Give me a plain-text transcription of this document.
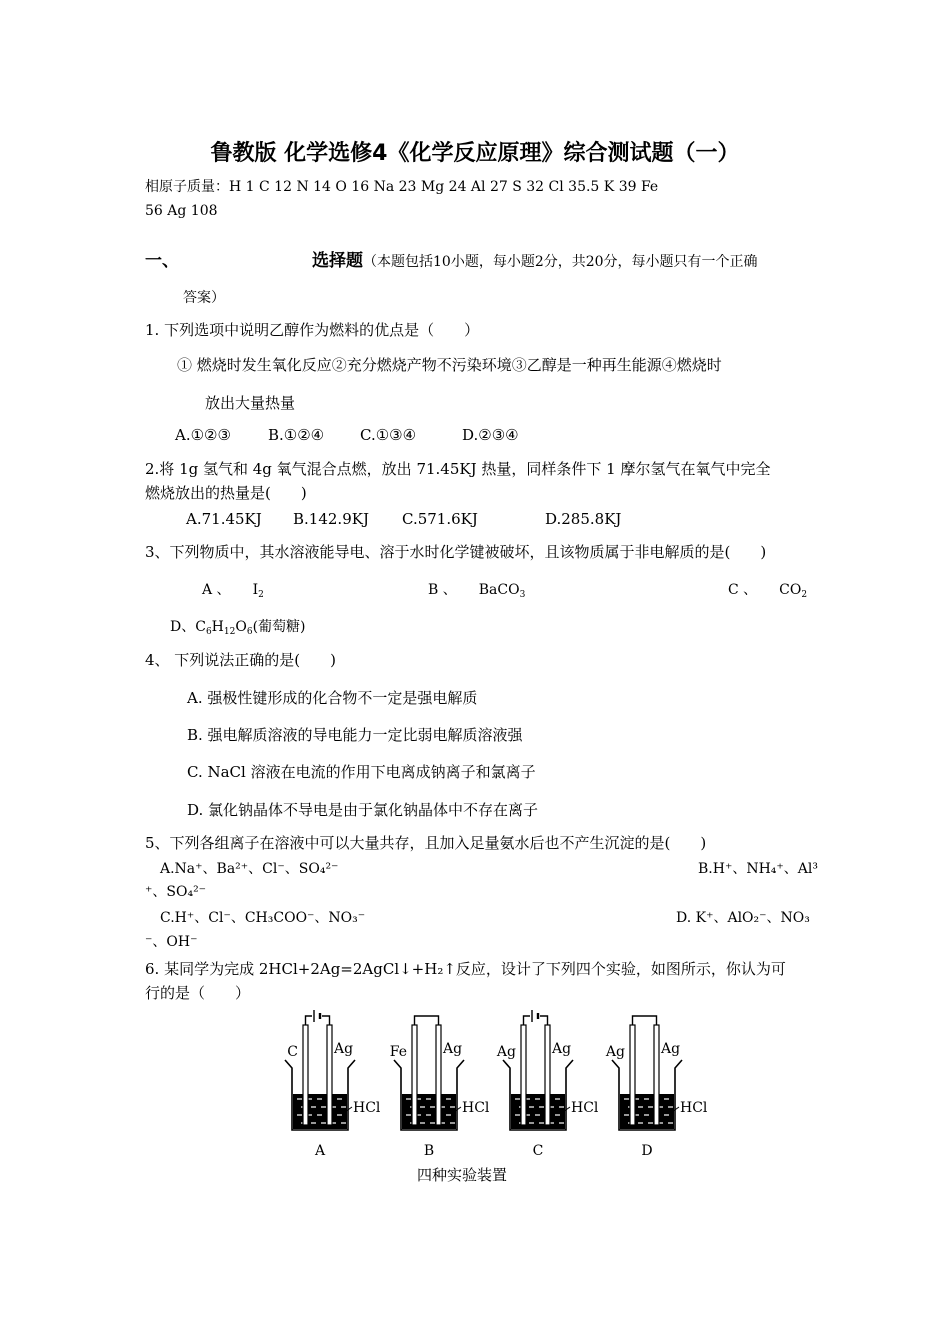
鲁教版 化学选修4《化学反应原理》综合测试题（一）
相原子质量：H 1 C 12 N 14 O 16 Na 23 Mg 24 Al 27 S 32 Cl 35.5 K 39 Fe
56 Ag 108
一、	选择题（本题包括10小题，每小题2分，共20分，每小题只有一个正确
答案）
1. 下列选项中说明乙醇作为燃料的优点是（　　）
① 燃烧时发生氧化反应②充分燃烧产物不污染环境③乙醇是一种再生能源④燃烧时
放出大量热量
A.①②③ B.①②④ C.①③④	D.②③④
2.将 1g 氢气和 4g 氧气混合点燃，放出 71.45KJ 热量，同样条件下 1 摩尔氢气在氧气中完全
燃烧放出的热量是(　　)
A.71.45KJ B.142.9KJ C.571.6KJ	D.285.8KJ
3、下列物质中，其水溶液能导电、溶于水时化学键被破坏，且该物质属于非电解质的是(　　)
A 、 $I_2$	B 、 BaCO$_3$	C 、 $CO_2$
D、$C_6H_{12}O_6$(葡萄糖)
4、 下列说法正确的是(　　)
A. 强极性键形成的化合物不一定是强电解质
B. 强电解质溶液的导电能力一定比弱电解质溶液强
C. NaCl 溶液在电流的作用下电离成钠离子和氯离子
D. 氯化钠晶体不导电是由于氯化钠晶体中不存在离子
5、下列各组离子在溶液中可以大量共存，且加入足量氨水后也不产生沉淀的是(　　)
A.Na⁺、Ba²⁺、Cl⁻、SO₄²⁻	B.H⁺、NH₄⁺、Al³
⁺、SO₄²⁻
C.H⁺、Cl⁻、CH₃COO⁻、NO₃⁻	D. K⁺、AlO₂⁻、NO₃
⁻、OH⁻
6. 某同学为完成 2HCl+2Ag=2AgCl↓+H₂↑反应，设计了下列四个实验，如图所示，你认为可
行的是（　　）
C	Ag
HCl
A
Fe	Ag
HCl
B
Ag	Ag
HCl
C
Ag	Ag
HCl
D
四种实验装置
